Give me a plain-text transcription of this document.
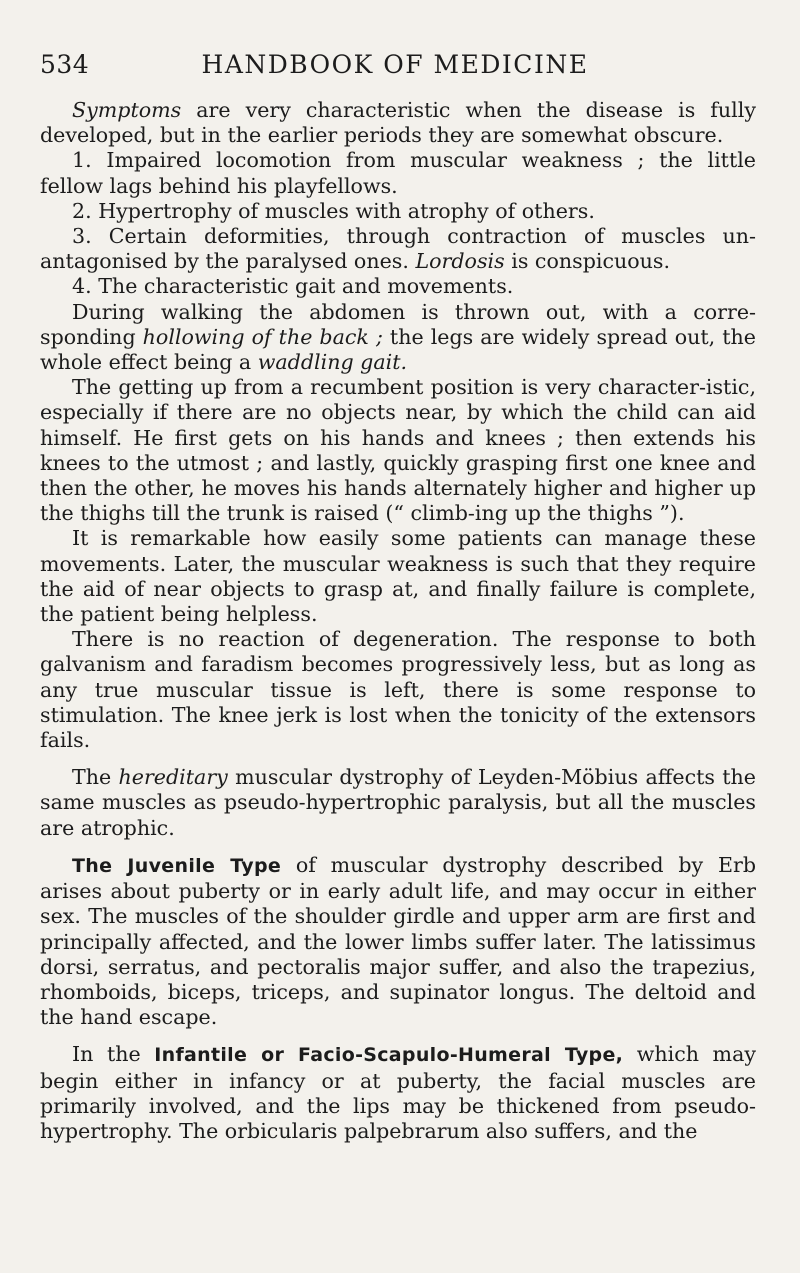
534	HANDBOOK OF MEDICINE

Symptoms are very characteristic when the disease is fully developed, but in the earlier periods they are somewhat obscure.

1. Impaired locomotion from muscular weakness ; the little fellow lags behind his playfellows.

2. Hypertrophy of muscles with atrophy of others.

3. Certain deformities, through contraction of muscles un-antagonised by the paralysed ones. Lordosis is conspicuous.

4. The characteristic gait and movements.

During walking the abdomen is thrown out, with a corre-sponding hollowing of the back ; the legs are widely spread out, the whole effect being a waddling gait.

The getting up from a recumbent position is very character-istic, especially if there are no objects near, by which the child can aid himself. He first gets on his hands and knees ; then extends his knees to the utmost ; and lastly, quickly grasping first one knee and then the other, he moves his hands alternately higher and higher up the thighs till the trunk is raised (“ climb-ing up the thighs ”).

It is remarkable how easily some patients can manage these movements. Later, the muscular weakness is such that they require the aid of near objects to grasp at, and finally failure is complete, the patient being helpless.

There is no reaction of degeneration. The response to both galvanism and faradism becomes progressively less, but as long as any true muscular tissue is left, there is some response to stimulation. The knee jerk is lost when the tonicity of the extensors fails.

The hereditary muscular dystrophy of Leyden-Möbius affects the same muscles as pseudo-hypertrophic paralysis, but all the muscles are atrophic.

The Juvenile Type of muscular dystrophy described by Erb arises about puberty or in early adult life, and may occur in either sex. The muscles of the shoulder girdle and upper arm are first and principally affected, and the lower limbs suffer later. The latissimus dorsi, serratus, and pectoralis major suffer, and also the trapezius, rhomboids, biceps, triceps, and supinator longus. The deltoid and the hand escape.

In the Infantile or Facio-Scapulo-Humeral Type, which may begin either in infancy or at puberty, the facial muscles are primarily involved, and the lips may be thickened from pseudo-hypertrophy. The orbicularis palpebrarum also suffers, and the
